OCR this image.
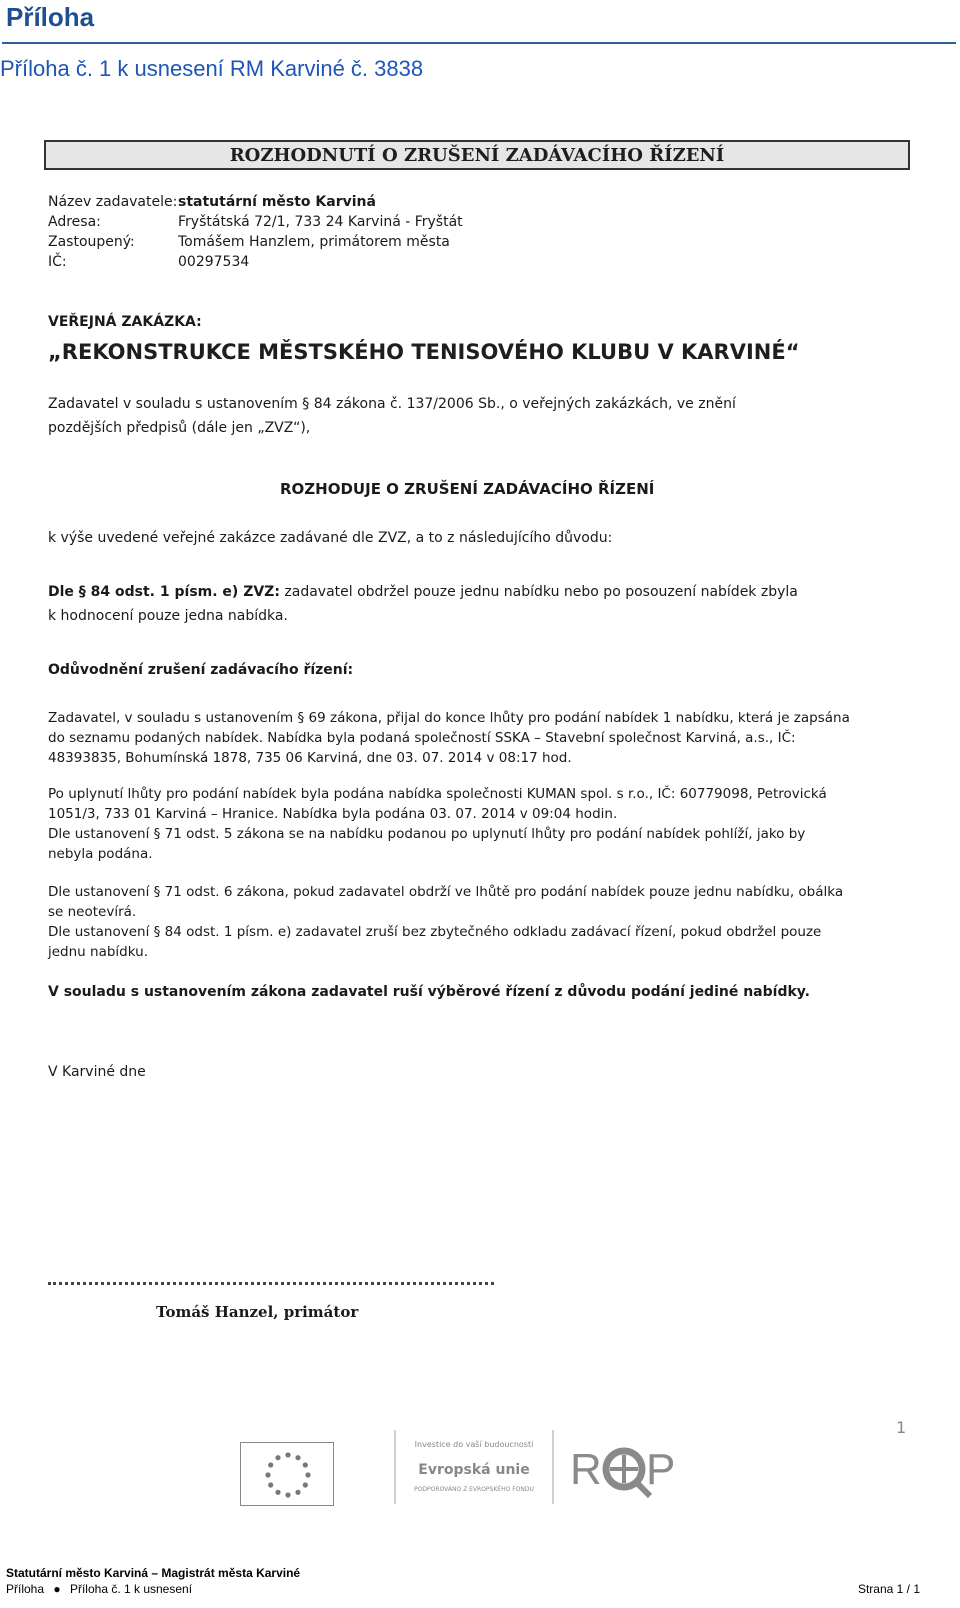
Příloha
Příloha č. 1 k usnesení RM Karviné č. 3838
ROZHODNUTÍ O ZRUŠENÍ ZADÁVACÍHO ŘÍZENÍ
Název zadavatele: statutární město Karviná
Adresa:	Fryštátská 72/1, 733 24 Karviná - Fryštát
Zastoupený:	Tomášem Hanzlem, primátorem města
IČ:	00297534
VEŘEJNÁ ZAKÁZKA:
„REKONSTRUKCE MĚSTSKÉHO TENISOVÉHO KLUBU V KARVINÉ“
Zadavatel v souladu s ustanovením § 84 zákona č. 137/2006 Sb., o veřejných zakázkách, ve znění
pozdějších předpisů (dále jen „ZVZ“),
ROZHODUJE O ZRUŠENÍ ZADÁVACÍHO ŘÍZENÍ
k výše uvedené veřejné zakázce zadávané dle ZVZ, a to z následujícího důvodu:
Dle § 84 odst. 1 písm. e) ZVZ: zadavatel obdržel pouze jednu nabídku nebo po posouzení nabídek zbyla
k hodnocení pouze jedna nabídka.
Odůvodnění zrušení zadávacího řízení:

Zadavatel, v souladu s ustanovením § 69 zákona, přijal do konce lhůty pro podání nabídek 1 nabídku, která je zapsána

do seznamu podaných nabídek. Nabídka byla podaná společností SSKA – Stavební společnost Karviná, a.s., IČ:

48393835, Bohumínská 1878, 735 06 Karviná, dne 03. 07. 2014 v 08:17 hod.

Po uplynutí lhůty pro podání nabídek byla podána nabídka společnosti KUMAN spol. s r.o., IČ: 60779098, Petrovická

1051/3, 733 01 Karviná – Hranice. Nabídka byla podána 03. 07. 2014 v 09:04 hodin.

Dle ustanovení § 71 odst. 5 zákona se na nabídku podanou po uplynutí lhůty pro podání nabídek pohlíží, jako by

nebyla podána.

Dle ustanovení § 71 odst. 6 zákona, pokud zadavatel obdrží ve lhůtě pro podání nabídek pouze jednu nabídku, obálka

se neotevírá.

Dle ustanovení § 84 odst. 1 písm. e) zadavatel zruší bez zbytečného odkladu zadávací řízení, pokud obdržel pouze

jednu nabídku.

V souladu s ustanovením zákona zadavatel ruší výběrové řízení z důvodu podání jediné nabídky.
V Karviné dne
Tomáš Hanzel, primátor
1
Investice do vaší budoucnosti
Evropská unie
PODPOROVÁNO Z EVROPSKÉHO FONDU R P
Statutární město Karviná – Magistrát města Karviné
Příloha ● Příloha č. 1 k usnesení	Strana 1 / 1
